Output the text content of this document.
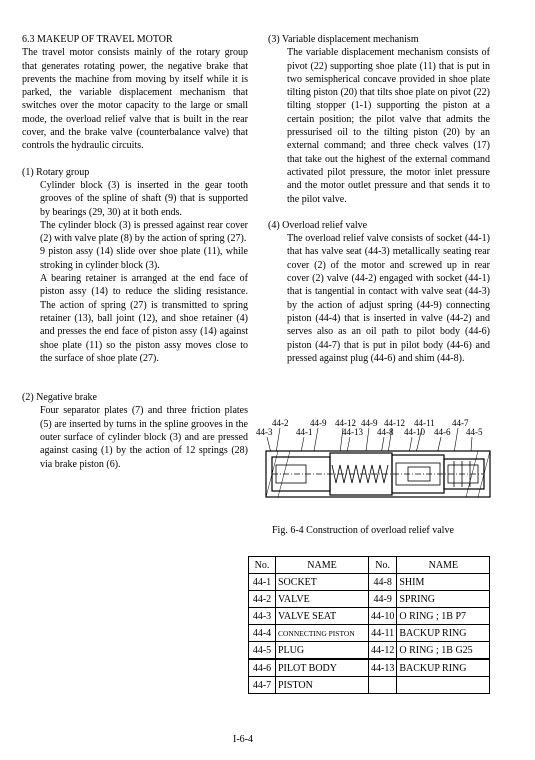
6.3 MAKEUP OF TRAVEL MOTOR

The travel motor consists mainly of the rotary group that generates rotating power, the negative brake that prevents the machine from moving by itself while it is parked, the variable displacement mechanism that switches over the motor capacity to the large or small mode, the overload relief valve that is built in the rear cover, and the brake valve (counterbalance valve) that controls the hydraulic circuits.

(1) Rotary group

Cylinder block (3) is inserted in the gear tooth grooves of the spline of shaft (9) that is supported by bearings (29, 30) at it both ends.

The cylinder block (3) is pressed against rear cover (2) with valve plate (8) by the action of spring (27).

9 piston assy (14) slide over shoe plate (11), while stroking in cylinder block (3).

A bearing retainer is arranged at the end face of piston assy (14) to reduce the sliding resistance. The action of spring (27) is transmitted to spring retainer (13), ball joint (12), and shoe retainer (4) and presses the end face of piston assy (14) against shoe plate (11) so the piston assy moves close to the surface of shoe plate (27).

(2) Negative brake

Four separator plates (7) and three friction plates (5) are inserted by turns in the spline grooves in the outer surface of cylinder block (3) and are pressed against casing (1) by the action of 12 springs (28) via brake piston (6).

(3) Variable displacement mechanism

The variable displacement mechanism consists of pivot (22) supporting shoe plate (11) that is put in two semispherical concave provided in shoe plate tilting piston (20) that tilts shoe plate on pivot (22) tilting stopper (1-1) supporting the piston at a certain position; the pilot valve that admits the pressurised oil to the tilting piston (20) by an external command; and three check valves (17) that take out the highest of the external command activated pilot pressure, the motor inlet pressure and the motor outlet pressure and that sends it to the pilot valve.

(4) Overload relief valve

The overload relief valve consists of socket (44-1) that has valve seat (44-3) metallically seating rear cover (2) of the motor and screwed up in rear cover (2) valve (44-2) engaged with socket (44-1) that is tangential in contact with valve seat (44-3) by the action of adjust spring (44-9) connecting piston (44-4) that is inserted in valve (44-2) and serves also as an oil path to pilot body (44-6) piston (44-7) that is put in pilot body (44-6) and pressed against plug (44-6) and shim (44-8).

44-2 44-9 44-12 44-9 44-12 44-11 44-7
44-3	44-1	44-13 44-8 44-10 44-6 44-5
Fig. 6-4 Construction of overload relief valve
No.	NAME	No.	NAME
44-1	SOCKET	44-8	SHIM
44-2	VALVE	44-9	SPRING
44-3	VALVE SEAT	44-10	O RING ; 1B P7
44-4	CONNECTING PISTON	44-11	BACKUP RING
44-5	PLUG	44-12	O RING ; 1B G25
44-6	PILOT BODY	44-13	BACKUP RING
44-7	PISTON		
I-6-4
